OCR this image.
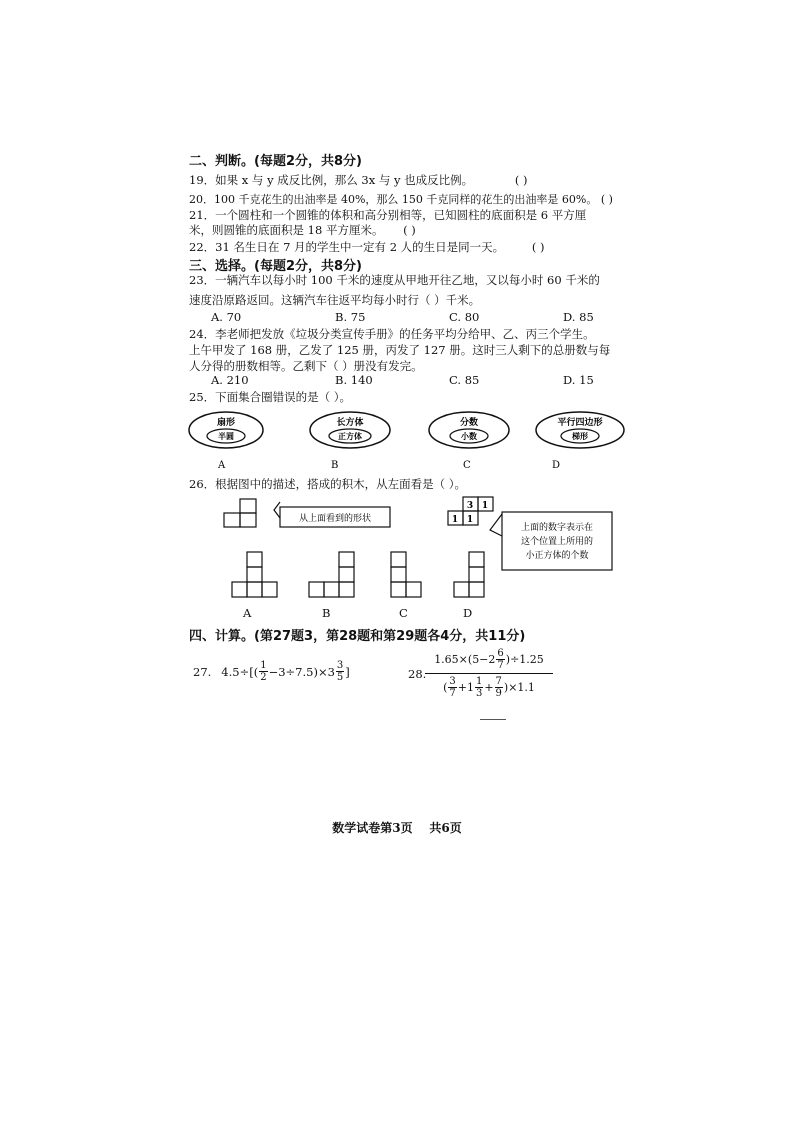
二、判断。(每题2分，共8分)
19．如果 x 与 y 成反比例，那么 3x 与 y 也成反比例。	( )
20．100 千克花生的出油率是 40%，那么 150 千克同样的花生的出油率是 60%。 ( )
21．一个圆柱和一个圆锥的体积和高分别相等，已知圆柱的底面积是 6 平方厘
米，则圆锥的底面积是 18 平方厘米。 ( )
22．31 名生日在 7 月的学生中一定有 2 人的生日是同一天。 ( )
三、选择。(每题2分，共8分)
23．一辆汽车以每小时 100 千米的速度从甲地开往乙地，又以每小时 60 千米的
速度沿原路返回。这辆汽车往返平均每小时行（ ）千米。
A. 70	B. 75	C. 80	D. 85
24．李老师把发放《垃圾分类宣传手册》的任务平均分给甲、乙、丙三个学生。
上午甲发了 168 册，乙发了 125 册，丙发了 127 册。这时三人剩下的总册数与每
人分得的册数相等。乙剩下（ ）册没有发完。
A. 210	B. 140	C. 85	D. 15
25．下面集合圈错误的是（ ）。
扇形
半圆
A
长方体
正方体
B
分数
小数
C
平行四边形
梯形
D
26．根据图中的描述，搭成的积木，从左面看是（ ）。
从上面看到的形状
3 1
1 1
上面的数字表示在
这个位置上所用的
小正方体的个数
A	B	C	D
四、计算。(第27题3，第28题和第29题各4分，共11分)
27. $4.5\div[( \frac{1}{2} -3\div 7.5)\times 3 \frac{3}{5}$ ]	28.
$1.65\times(5-2 \frac{6}{7} )\div 1.25$
( $\frac{3}{7} +1 \frac{1}{3} + \frac{7}{9} )\times 1.1$
数学试卷第3页    共6页
